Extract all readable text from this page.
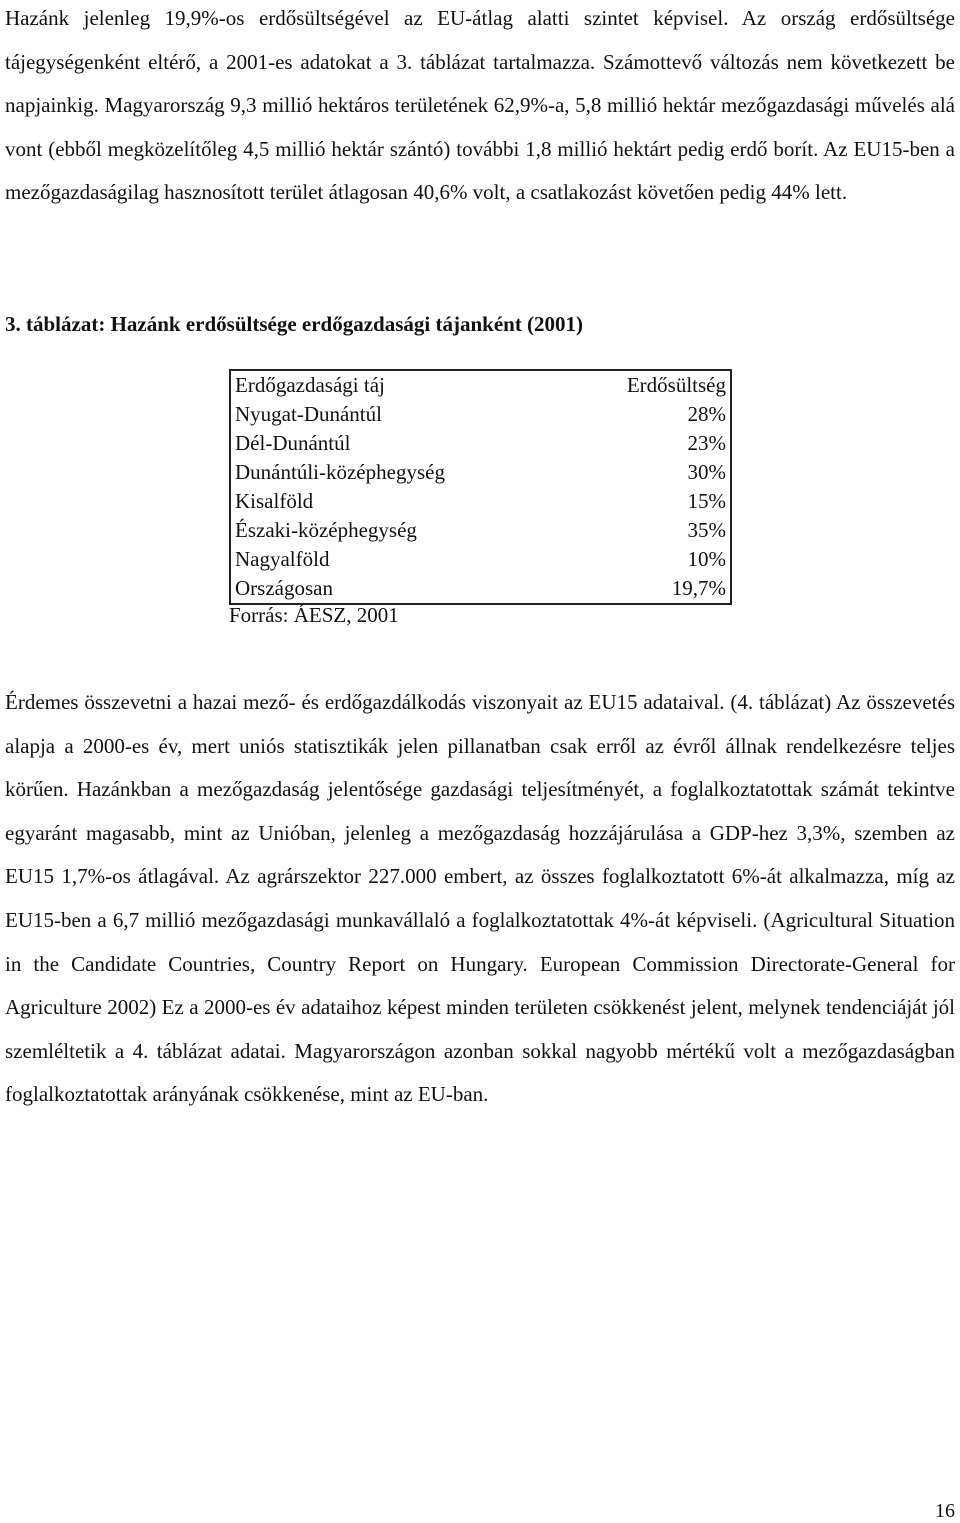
Hazánk jelenleg 19,9%-os erdősültségével az EU-átlag alatti szintet képvisel. Az ország erdősültsége tájegységenként eltérő, a 2001-es adatokat a 3. táblázat tartalmazza. Számottevő változás nem következett be napjainkig. Magyarország 9,3 millió hektáros területének 62,9%-a, 5,8 millió hektár mezőgazdasági művelés alá vont (ebből megközelítőleg 4,5 millió hektár szántó) további 1,8 millió hektárt pedig erdő borít. Az EU15-ben a mezőgazdaságilag hasznosított terület átlagosan 40,6% volt, a csatlakozást követően pedig 44% lett.

3. táblázat: Hazánk erdősültsége erdőgazdasági tájanként (2001)

Erdőgazdasági táj	Erdősültség
Nyugat-Dunántúl	28%
Dél-Dunántúl	23%
Dunántúli-középhegység	30%
Kisalföld	15%
Északi-középhegység	35%
Nagyalföld	10%
Országosan	19,7%

Forrás: ÁESZ, 2001

Érdemes összevetni a hazai mező- és erdőgazdálkodás viszonyait az EU15 adataival. (4. táblázat) Az összevetés alapja a 2000-es év, mert uniós statisztikák jelen pillanatban csak erről az évről állnak rendelkezésre teljes körűen. Hazánkban a mezőgazdaság jelentősége gazdasági teljesítményét, a foglalkoztatottak számát tekintve egyaránt magasabb, mint az Unióban, jelenleg a mezőgazdaság hozzájárulása a GDP-hez 3,3%, szemben az EU15 1,7%-os átlagával. Az agrárszektor 227.000 embert, az összes foglalkoztatott 6%-át alkalmazza, míg az EU15-ben a 6,7 millió mezőgazdasági munkavállaló a foglalkoztatottak 4%-át képviseli. (Agricultural Situation in the Candidate Countries, Country Report on Hungary. European Commission Directorate-General for Agriculture 2002) Ez a 2000-es év adataihoz képest minden területen csökkenést jelent, melynek tendenciáját jól szemléltetik a 4. táblázat adatai. Magyarországon azonban sokkal nagyobb mértékű volt a mezőgazdaságban foglalkoztatottak arányának csökkenése, mint az EU-ban.

16
